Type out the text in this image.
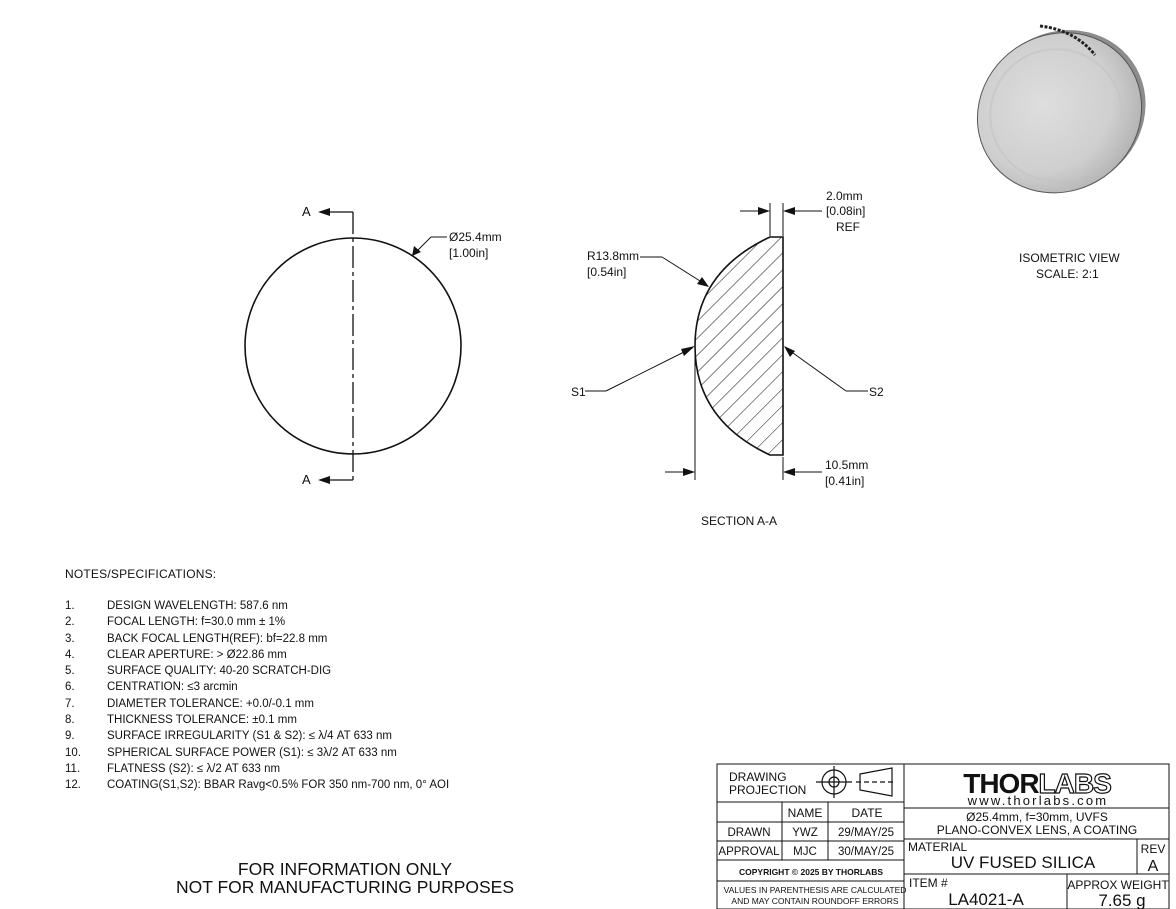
A
A
Ø25.4mm
[1.00in]
2.0mm
[0.08in]
REF
R13.8mm
[0.54in]
S1	S2
10.5mm
[0.41in]
SECTION A-A
ISOMETRIC VIEW
SCALE: 2:1
NOTES/SPECIFICATIONS:
1.	DESIGN WAVELENGTH: 587.6 nm
2.	FOCAL LENGTH: f=30.0 mm ± 1%
3.	BACK FOCAL LENGTH(REF): bf=22.8 mm
4.	CLEAR APERTURE: > Ø22.86 mm
5.	SURFACE QUALITY: 40-20 SCRATCH-DIG
6.	CENTRATION: ≤3 arcmin
7.	DIAMETER TOLERANCE: +0.0/-0.1 mm
8.	THICKNESS TOLERANCE: ±0.1 mm
9.	SURFACE IRREGULARITY (S1 & S2): ≤ λ/4 AT 633 nm
10.	SPHERICAL SURFACE POWER (S1): ≤ 3λ/2 AT 633 nm
11.	FLATNESS (S2): ≤ λ/2 AT 633 nm
12.	COATING(S1,S2): BBAR Ravg<0.5% FOR 350 nm-700 nm, 0° AOI
FOR INFORMATION ONLY
NOT FOR MANUFACTURING PURPOSES
DRAWING
PROJECTION	THORLABS
www.thorlabs.com
NAME DATE
DRAWN YWZ 29/MAY/25
APPROVAL MJC 30/MAY/25
Ø25.4mm, f=30mm, UVFS
PLANO-CONVEX LENS, A COATING
MATERIAL
UV FUSED SILICA
REV
A
COPYRIGHT © 2025 BY THORLABS
VALUES IN PARENTHESIS ARE CALCULATED
AND MAY CONTAIN ROUNDOFF ERRORS
ITEM #
LA4021-A
APPROX WEIGHT
7.65 g
